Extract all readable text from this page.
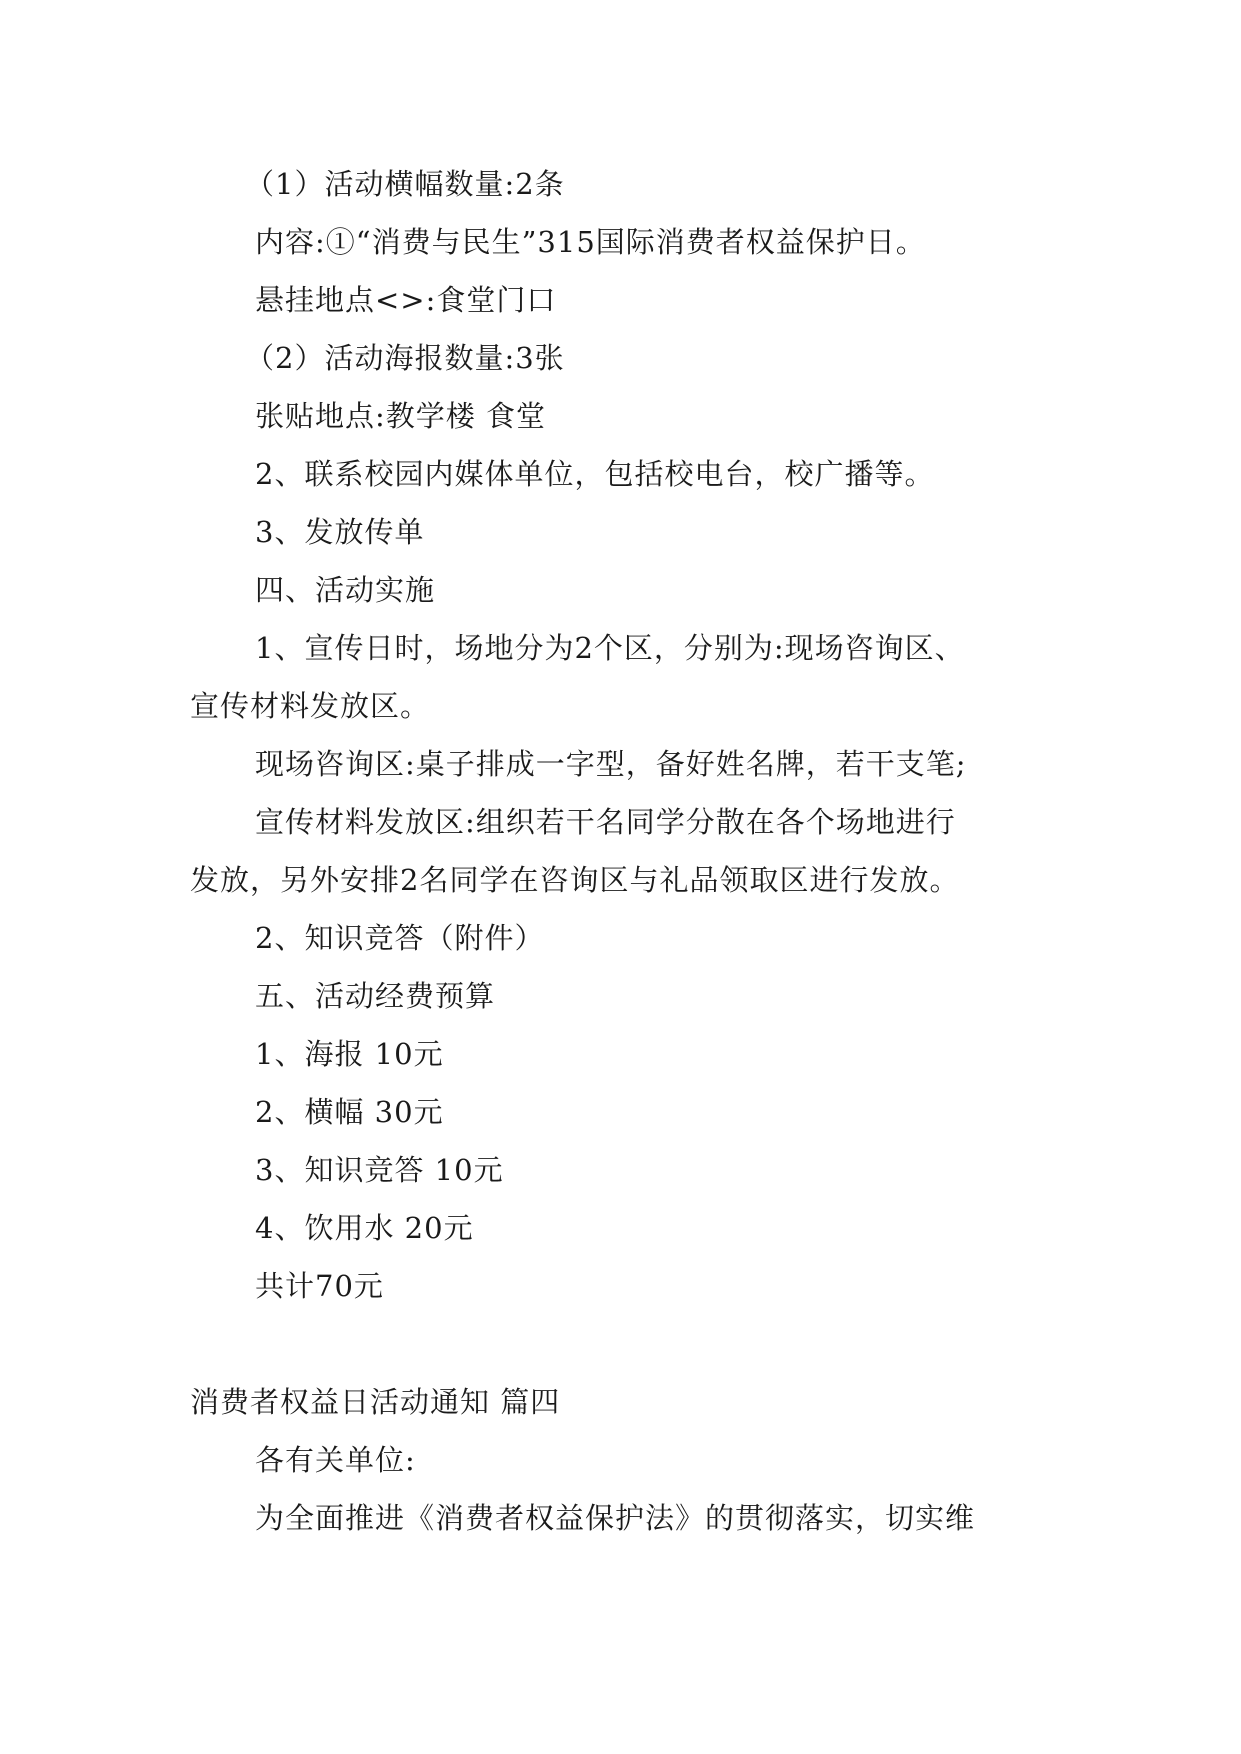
（1）活动横幅数量:2条
内容:①“消费与民生”315国际消费者权益保护日。
悬挂地点<>:食堂门口
（2）活动海报数量:3张
张贴地点:教学楼 食堂
2、联系校园内媒体单位，包括校电台，校广播等。
3、发放传单
四、活动实施
1、宣传日时，场地分为2个区，分别为:现场咨询区、
宣传材料发放区。
现场咨询区:桌子排成一字型，备好姓名牌，若干支笔;
宣传材料发放区:组织若干名同学分散在各个场地进行
发放，另外安排2名同学在咨询区与礼品领取区进行发放。
2、知识竞答（附件）
五、活动经费预算
1、海报 10元
2、横幅 30元
3、知识竞答 10元
4、饮用水 20元
共计70元
消费者权益日活动通知 篇四
各有关单位:
为全面推进《消费者权益保护法》的贯彻落实，切实维
